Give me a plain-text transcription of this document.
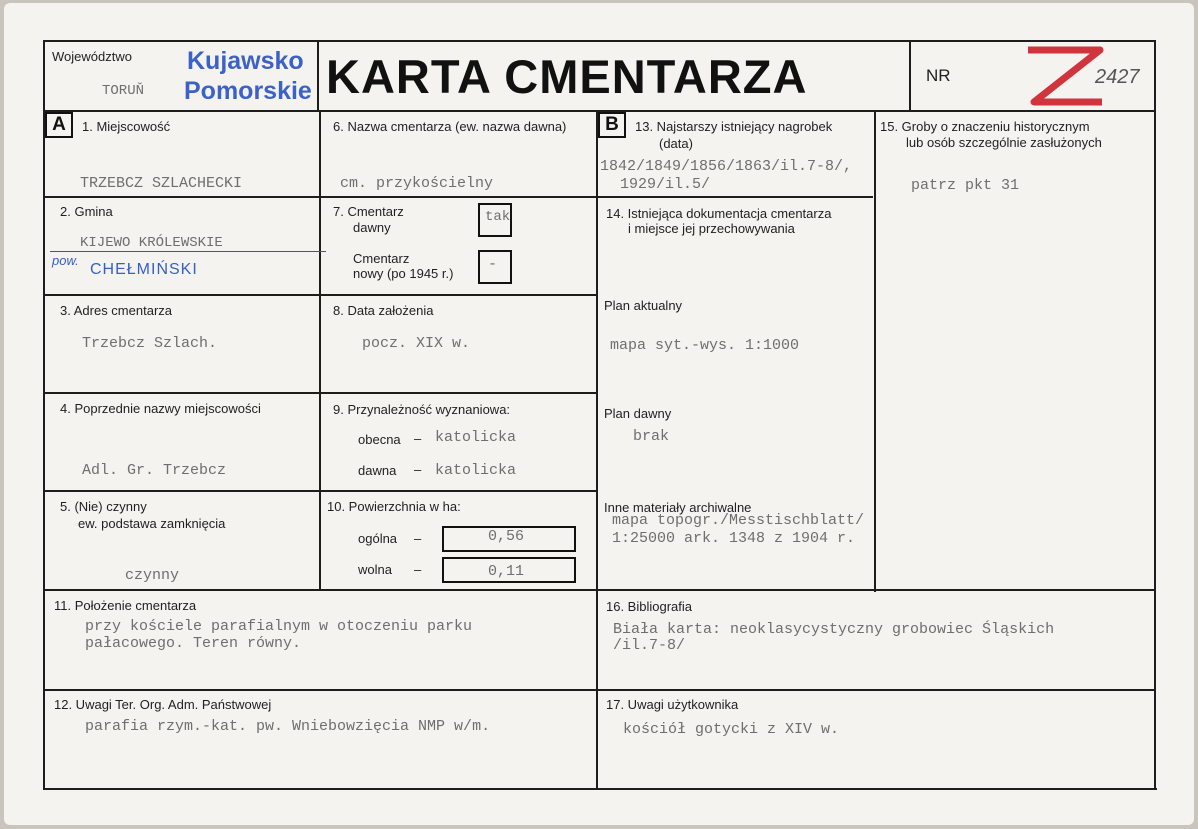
Województwo
TORUŇ
Kujawsko
Pomorskie KARTA CMENTARZA	NR	2427
A	B
1. Miejscowość
TRZEBCZ SZLACHECKI
6. Nazwa cmentarza (ew. nazwa dawna)
cm. przykościelny
13. Najstarszy istniejący nagrobek
(data)
1842/1849/1856/1863/il.7-8/,
1929/il.5/
15. Groby o znaczeniu historycznym
lub osób szczególnie zasłużonych
patrz pkt 31
2. Gmina
KIJEWO KRÓLEWSKIE
pow.
CHEŁMIŃSKI
7. Cmentarz
dawny
tak
Cmentarz
nowy (po 1945 r.)
-
14. Istniejąca dokumentacja cmentarza
i miejsce jej przechowywania
Plan aktualny
mapa syt.-wys. 1:1000
Plan dawny
brak
Inne materiały archiwalne
mapa topogr./Messtischblatt/
1:25000 ark. 1348 z 1904 r.
3. Adres cmentarza
Trzebcz Szlach.
8. Data założenia
pocz. XIX w.
4. Poprzednie nazwy miejscowości
Adl. Gr. Trzebcz
9. Przynależność wyznaniowa:
obecna – katolicka
dawna – katolicka
5. (Nie) czynny
ew. podstawa zamknięcia
czynny
10. Powierzchnia w ha:
ogólna –	0,56
wolna –	0,11
11. Położenie cmentarza
przy kościele parafialnym w otoczeniu parku
pałacowego. Teren równy.
16. Bibliografia
Biała karta: neoklasycystyczny grobowiec Śląskich
/il.7-8/
12. Uwagi Ter. Org. Adm. Państwowej
parafia rzym.-kat. pw. Wniebowzięcia NMP w/m.
17. Uwagi użytkownika
kościół gotycki z XIV w.
